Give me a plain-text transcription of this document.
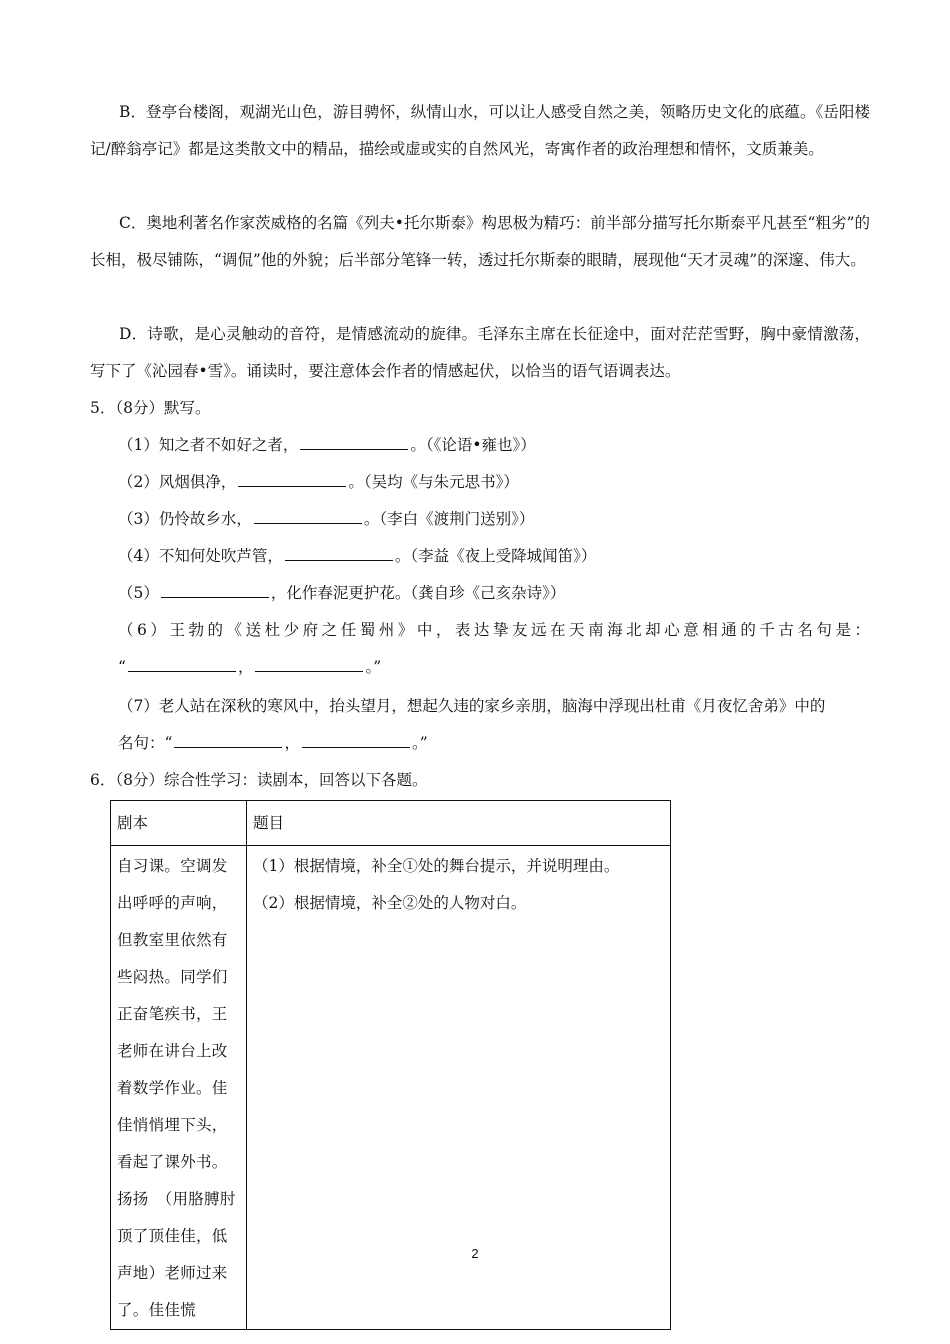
B．登亭台楼阁，观湖光山色，游目骋怀，纵情山水，可以让人感受自然之美，领略历史文化的底蕴。《岳阳楼记/醉翁亭记》都是这类散文中的精品，描绘或虚或实的自然风光，寄寓作者的政治理想和情怀，文质兼美。
C．奥地利著名作家茨威格的名篇《列夫•托尔斯泰》构思极为精巧：前半部分描写托尔斯泰平凡甚至“粗劣”的长相，极尽铺陈，“调侃”他的外貌；后半部分笔锋一转，透过托尔斯泰的眼睛，展现他“天才灵魂”的深邃、伟大。
D．诗歌，是心灵触动的音符，是情感流动的旋律。毛泽东主席在长征途中，面对茫茫雪野，胸中豪情激荡，写下了《沁园春•雪》。诵读时，要注意体会作者的情感起伏，以恰当的语气语调表达。
5．（8分）默写。
（1）知之者不如好之者，	。（《论语•雍也》）
（2）风烟俱净，	。（吴均《与朱元思书》）
（3）仍怜故乡水，	。（李白《渡荆门送别》）
（4）不知何处吹芦管，	。（李益《夜上受降城闻笛》）
（5）	，化作春泥更护花。（龚自珍《己亥杂诗》）
（6）王勃的《送杜少府之任蜀州》中，表达挚友远在天南海北却心意相通的千古名句是：
“	，	。”
（7）老人站在深秋的寒风中，抬头望月，想起久违的家乡亲朋，脑海中浮现出杜甫《月夜忆舍弟》中的
名句：“	，	。”
6．（8分）综合性学习：读剧本，回答以下各题。
剧本	题目

自习课。空调发出呼呼的声响，但教室里依然有些闷热。同学们正奋笔疾书，王老师在讲台上改着数学作业。佳佳悄悄埋下头，看起了课外书。扬扬　（用胳膊肘顶了顶佳佳，低声地）老师过来了。佳佳慌	（1）根据情境，补全①处的舞台提示，并说明理由。
（2）根据情境，补全②处的人物对白。
2
